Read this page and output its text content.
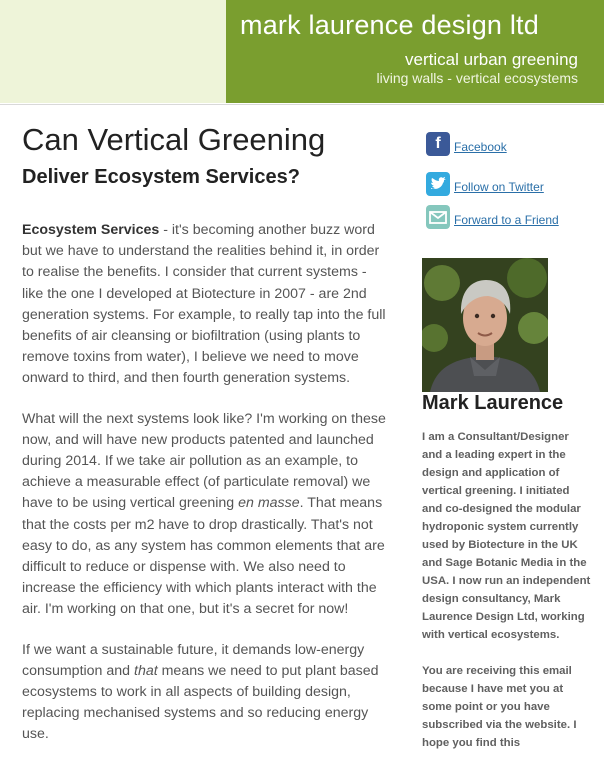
mark laurence design ltd
vertical urban greening
living walls - vertical ecosystems
Can Vertical Greening
Deliver Ecosystem Services?

Ecosystem Services - it's becoming another buzz word but we have to understand the realities behind it, in order to realise the benefits. I consider that current systems - like the one I developed at Biotecture in 2007 - are 2nd generation systems. For example, to really tap into the full benefits of air cleansing or biofiltration (using plants to remove toxins from water), I believe we need to move onward to third, and then fourth generation systems.

What will the next systems look like? I'm working on these now, and will have new products patented and launched during 2014. If we take air pollution as an example, to achieve a measurable effect (of particulate removal) we have to be using vertical greening en masse. That means that the costs per m2 have to drop drastically. That's not easy to do, as any system has common elements that are difficult to reduce or dispense with. We also need to increase the efficiency with which plants interact with the air. I'm working on that one, but it's a secret for now!

If we want a sustainable future, it demands low-energy consumption and that means we need to put plant based ecosystems to work in all aspects of building design, replacing mechanised systems and so reducing energy use.

f	Facebook
Follow on Twitter
Forward to a Friend
Mark Laurence

I am a Consultant/Designer and a leading expert in the design and application of vertical greening. I initiated and co-designed the modular hydroponic system currently used by Biotecture in the UK and Sage Botanic Media in the USA. I now run an independent design consultancy, Mark Laurence Design Ltd, working with vertical ecosystems.

You are receiving this email because I have met you at some point or you have subscribed via the website. I hope you find this
